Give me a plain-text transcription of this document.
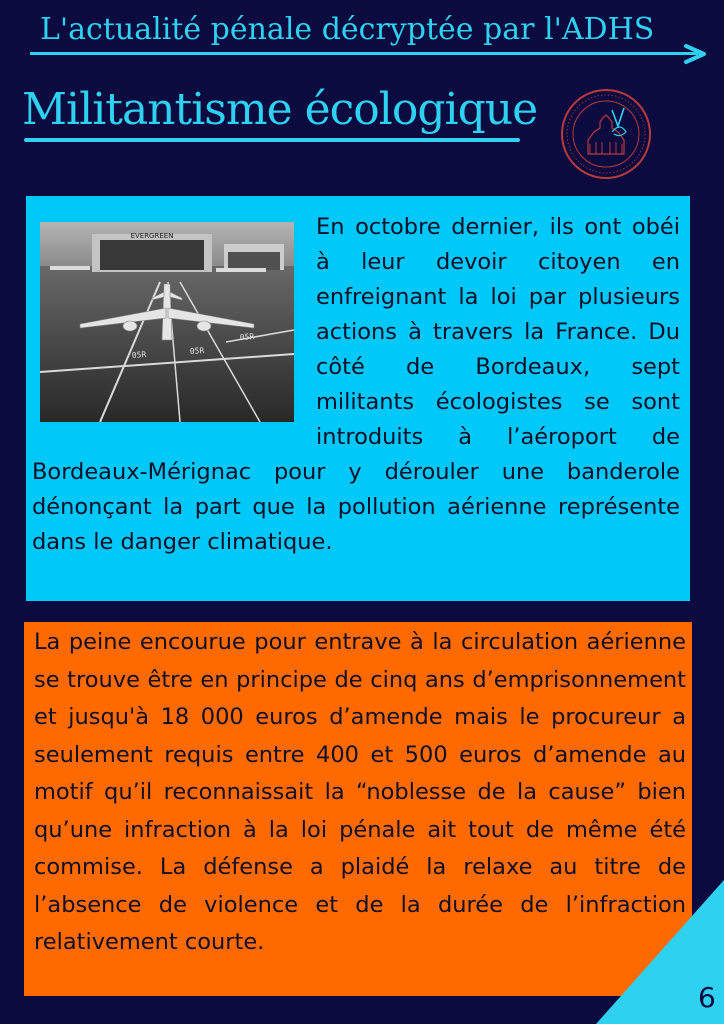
L'actualité pénale décryptée par l'ADHS
Militantisme écologique
EVERGREEN
05R	05R
05R

En octobre dernier, ils ont obéi à leur devoir citoyen en enfreignant la loi par plusieurs actions à travers la France. Du côté de Bordeaux, sept militants écologistes se sont introduits à l’aéroport de Bordeaux-Mérignac pour y dérouler une banderole dénonçant la part que la pollution aérienne représente dans le danger climatique.

La peine encourue pour entrave à la circulation aérienne se trouve être en principe de cinq ans d’emprisonnement et jusqu'à 18 000 euros d’amende mais le procureur a seulement requis entre 400 et 500 euros d’amende au motif qu’il reconnaissait la “noblesse de la cause” bien qu’une infraction à la loi pénale ait tout de même été commise. La défense a plaidé la relaxe au titre de l’absence de violence et de la durée de l’infraction relativement courte.

6
